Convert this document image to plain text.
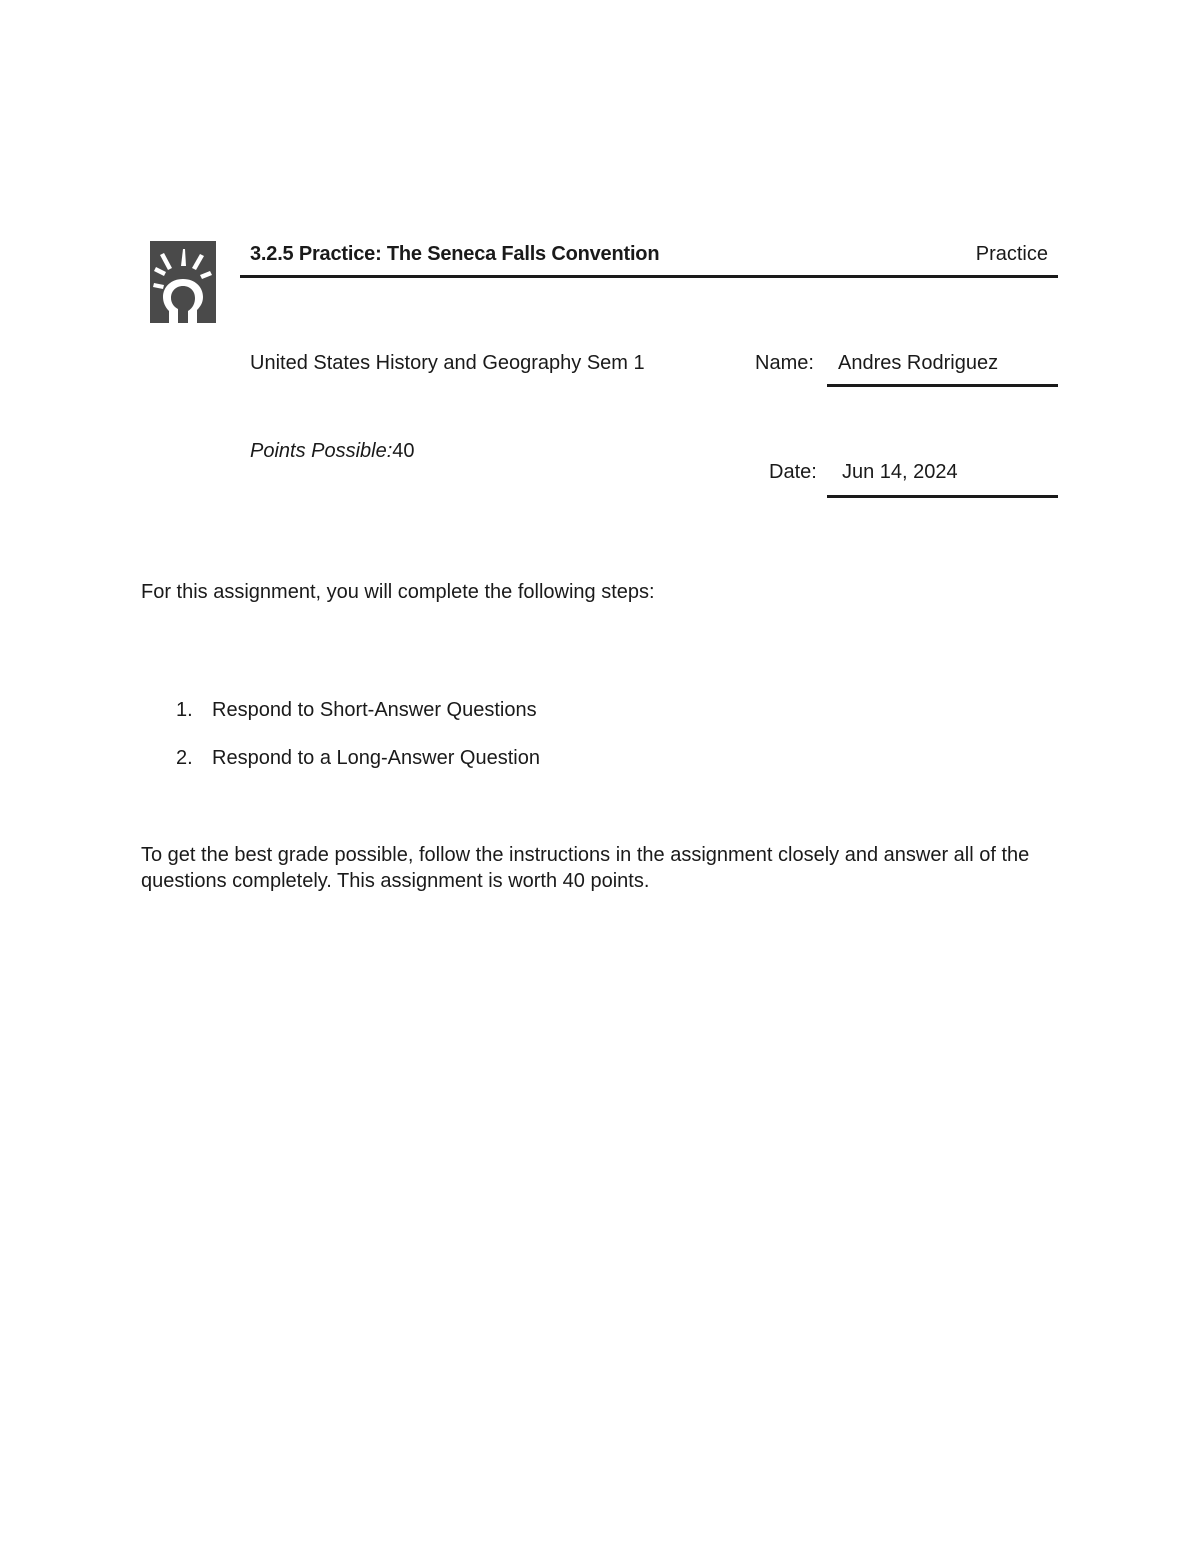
3.2.5 Practice: The Seneca Falls Convention	Practice
United States History and Geography Sem 1	Name: Andres Rodriguez
Points Possible:40
Date: Jun 14, 2024
For this assignment, you will complete the following steps:
1. Respond to Short-Answer Questions
2. Respond to a Long-Answer Question
To get the best grade possible, follow the instructions in the assignment closely and answer all of the questions completely. This assignment is worth 40 points.
